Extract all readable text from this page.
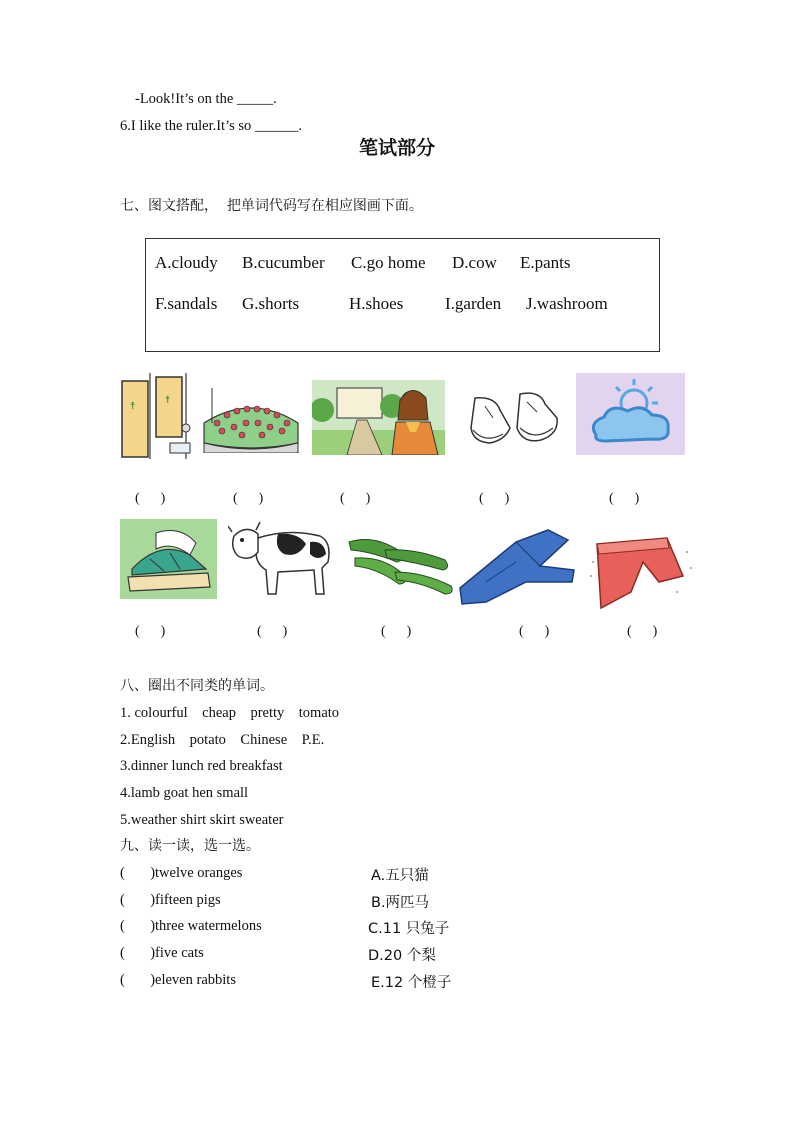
-Look!It’s on the _____.
6.I like the ruler.It’s so ______.
笔试部分
七、图文搭配，  把单词代码写在相应图画下面。
A.cloudy B.cucumber C.go home D.cow E.pants
F.sandals G.shorts	H.shoes I.garden J.washroom
☨
☨
(      )	(      )	(      )	(      )	(      )
(      )	(      )	(      )	(      )	(      )
八、圈出不同类的单词。
1. colourful    cheap    pretty    tomato
2.English    potato    Chinese    P.E.
3.dinner lunch red breakfast
4.lamb goat hen small
5.weather shirt skirt sweater
九、读一读，选一选。
(       )twelve oranges
(       )fifteen pigs
(       )three watermelons
(       )five cats
(       )eleven rabbits
A.五只猫
B.两匹马
C.11 只兔子
D.20 个梨
E.12 个橙子
